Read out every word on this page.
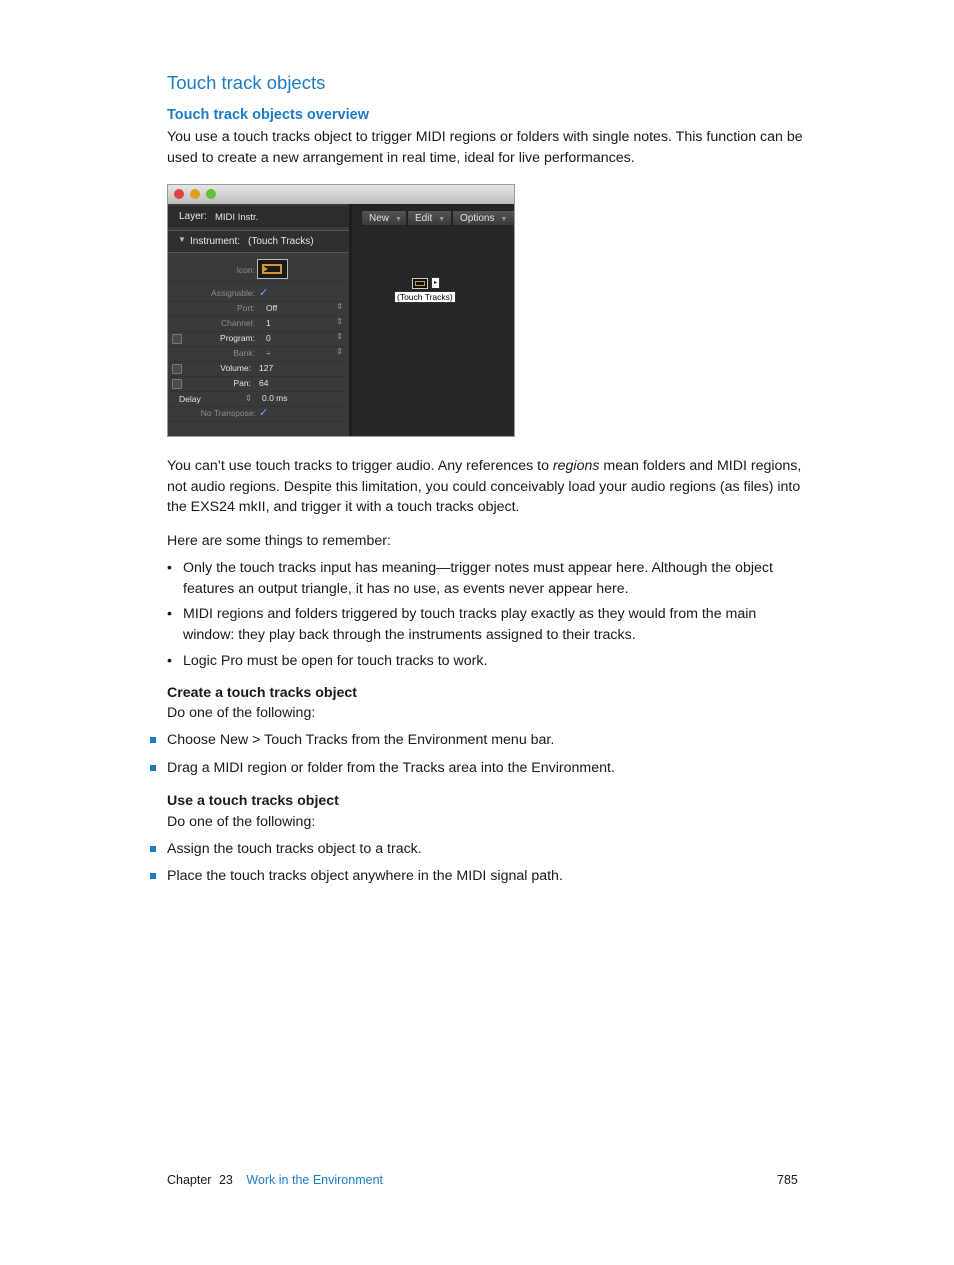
Touch track objects
Touch track objects overview

You use a touch tracks object to trigger MIDI regions or folders with single notes. This function can be used to create a new arrangement in real time, ideal for live performances.

Layer: MIDI Instr.
▼ Instrument: (Touch Tracks)
Icon:
Assignable: ✓
Port: Off	⇕
Channel: 1	⇕
Program: 0	⇕
Bank: ÷	⇕
Volume: 127
Pan: 64
Delay	⇕ 0.0 ms
No Transpose: ✓
New ▼	Edit ▼	Options ▼
▸
(Touch Tracks)

You can’t use touch tracks to trigger audio. Any references to regions mean folders and MIDI regions, not audio regions. Despite this limitation, you could conceivably load your audio regions (as files) into the EXS24 mkII, and trigger it with a touch tracks object.

Here are some things to remember:

• Only the touch tracks input has meaning—trigger notes must appear here. Although the object features an output triangle, it has no use, as events never appear here.
• MIDI regions and folders triggered by touch tracks play exactly as they would from the main window: they play back through the instruments assigned to their tracks.
• Logic Pro must be open for touch tracks to work.

Create a touch tracks object

Do one of the following:

Choose New > Touch Tracks from the Environment menu bar.
Drag a MIDI region or folder from the Tracks area into the Environment.

Use a touch tracks object

Do one of the following:

Assign the touch tracks object to a track.
Place the touch tracks object anywhere in the MIDI signal path.
Chapter 23 Work in the Environment	785
